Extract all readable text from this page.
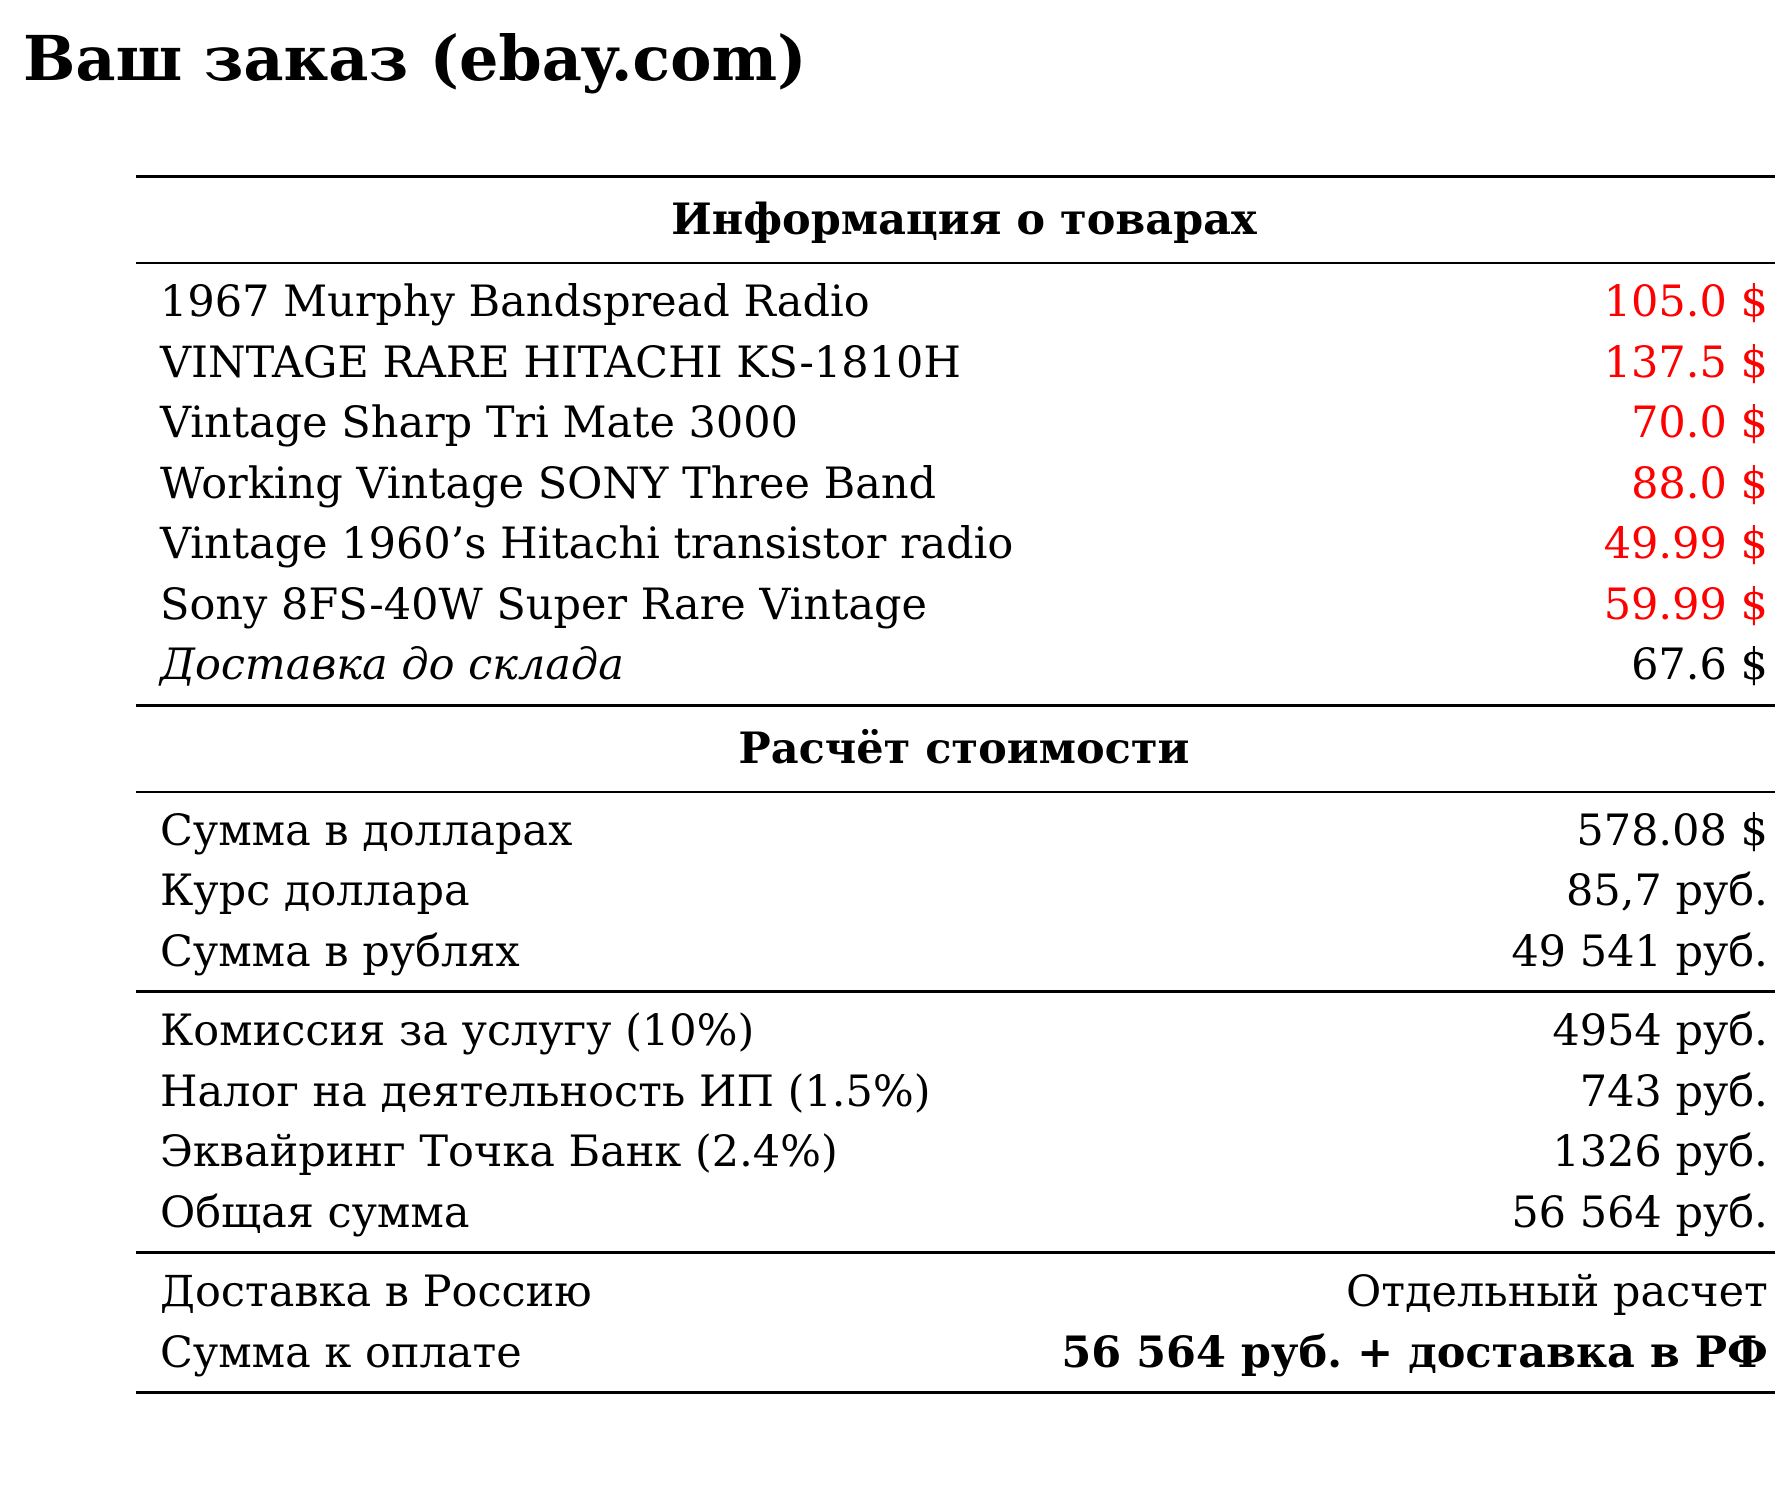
Ваш заказ (ebay.com)
Информация о товарах	
1967 Murphy Bandspread Radio	105.0 $
VINTAGE RARE HITACHI KS-1810H	137.5 $
Vintage Sharp Tri Mate 3000	70.0 $
Working Vintage SONY Three Band	88.0 $
Vintage 1960’s Hitachi transistor radio	49.99 $
Sony 8FS-40W Super Rare Vintage	59.99 $
Доставка до склада	67.6 $
Расчёт стоимости	
Сумма в долларах	578.08 $
Курс доллара	85,7 руб.
Сумма в рублях	49 541 руб.
Комиссия за услугу (10%)	4954 руб.
Налог на деятельность ИП (1.5%)	743 руб.
Эквайринг Точка Банк (2.4%)	1326 руб.
Общая сумма	56 564 руб.
Доставка в Россию	Отдельный расчет
Сумма к оплате	56 564 руб. + доставка в РФ
